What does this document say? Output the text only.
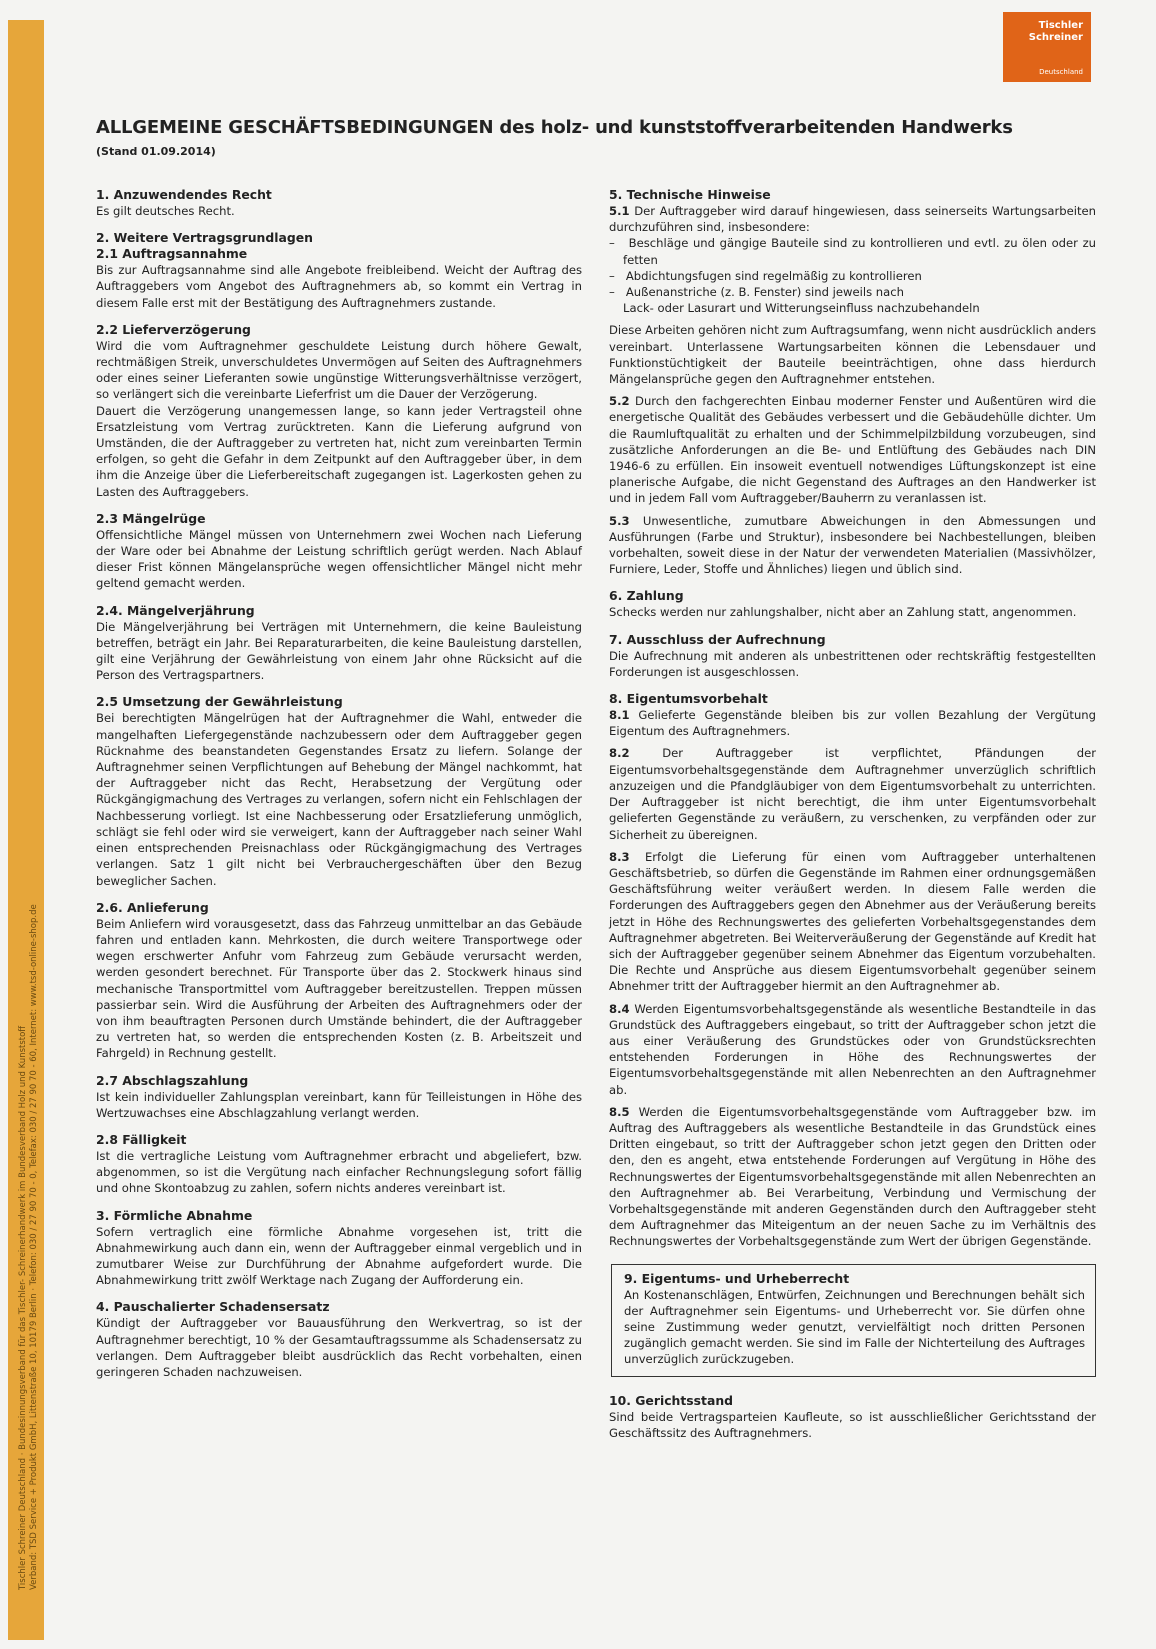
Tischler Schreiner Deutschland · Bundesinnungsverband für das Tischler- Schreinerhandwerk im Bundesverband Holz und Kunststoff Verband: TSD Service + Produkt GmbH, Littenstraße 10, 10179 Berlin · Telefon: 030 / 27 90 70 - 0, Telefax: 030 / 27 90 70 - 60, Internet: www.tsd-online-shop.de
Tischler
Schreiner
Deutschland
ALLGEMEINE GESCHÄFTSBEDINGUNGEN des holz- und kunststoffverarbeitenden Handwerks
(Stand 01.09.2014)
1. Anzuwendendes Recht

Es gilt deutsches Recht.

2. Weitere Vertragsgrundlagen
2.1 Auftragsannahme

Bis zur Auftragsannahme sind alle Angebote freibleibend. Weicht der Auftrag des Auftraggebers vom Angebot des Auftragnehmers ab, so kommt ein Vertrag in diesem Falle erst mit der Bestätigung des Auftragnehmers zustande.

2.2 Lieferverzögerung

Wird die vom Auftragnehmer geschuldete Leistung durch höhere Gewalt, rechtmäßigen Streik, unverschuldetes Unvermögen auf Seiten des Auftragnehmers oder eines seiner Lieferanten sowie ungünstige Witterungsverhältnisse verzögert, so verlängert sich die vereinbarte Lieferfrist um die Dauer der Verzögerung.

Dauert die Verzögerung unangemessen lange, so kann jeder Vertragsteil ohne Ersatzleistung vom Vertrag zurücktreten. Kann die Lieferung aufgrund von Umständen, die der Auftraggeber zu vertreten hat, nicht zum vereinbarten Termin erfolgen, so geht die Gefahr in dem Zeitpunkt auf den Auftraggeber über, in dem ihm die Anzeige über die Lieferbereitschaft zugegangen ist. Lagerkosten gehen zu Lasten des Auftraggebers.

2.3 Mängelrüge

Offensichtliche Mängel müssen von Unternehmern zwei Wochen nach Lieferung der Ware oder bei Abnahme der Leistung schriftlich gerügt werden. Nach Ablauf dieser Frist können Mängelansprüche wegen offensichtlicher Mängel nicht mehr geltend gemacht werden.

2.4. Mängelverjährung

Die Mängelverjährung bei Verträgen mit Unternehmern, die keine Bauleistung betreffen, beträgt ein Jahr. Bei Reparaturarbeiten, die keine Bauleistung darstellen, gilt eine Verjährung der Gewährleistung von einem Jahr ohne Rücksicht auf die Person des Vertragspartners.

2.5 Umsetzung der Gewährleistung

Bei berechtigten Mängelrügen hat der Auftragnehmer die Wahl, entweder die mangelhaften Liefergegenstände nachzubessern oder dem Auftraggeber gegen Rücknahme des beanstandeten Gegenstandes Ersatz zu liefern. Solange der Auftragnehmer seinen Verpflichtungen auf Behebung der Mängel nachkommt, hat der Auftraggeber nicht das Recht, Herabsetzung der Vergütung oder Rückgängigmachung des Vertrages zu verlangen, sofern nicht ein Fehlschlagen der Nachbesserung vorliegt. Ist eine Nachbesserung oder Ersatzlieferung unmöglich, schlägt sie fehl oder wird sie verweigert, kann der Auftraggeber nach seiner Wahl einen entsprechenden Preisnachlass oder Rückgängigmachung des Vertrages verlangen. Satz 1 gilt nicht bei Verbrauchergeschäften über den Bezug beweglicher Sachen.

2.6. Anlieferung

Beim Anliefern wird vorausgesetzt, dass das Fahrzeug unmittelbar an das Gebäude fahren und entladen kann. Mehrkosten, die durch weitere Transportwege oder wegen erschwerter Anfuhr vom Fahrzeug zum Gebäude verursacht werden, werden gesondert berechnet. Für Transporte über das 2. Stockwerk hinaus sind mechanische Transportmittel vom Auftraggeber bereitzustellen. Treppen müssen passierbar sein. Wird die Ausführung der Arbeiten des Auftragnehmers oder der von ihm beauftragten Personen durch Umstände behindert, die der Auftraggeber zu vertreten hat, so werden die entsprechenden Kosten (z. B. Arbeitszeit und Fahrgeld) in Rechnung gestellt.

2.7 Abschlagszahlung

Ist kein individueller Zahlungsplan vereinbart, kann für Teilleistungen in Höhe des Wertzuwachses eine Abschlagzahlung verlangt werden.

2.8 Fälligkeit

Ist die vertragliche Leistung vom Auftragnehmer erbracht und abgeliefert, bzw. abgenommen, so ist die Vergütung nach einfacher Rechnungslegung sofort fällig und ohne Skontoabzug zu zahlen, sofern nichts anderes vereinbart ist.

3. Förmliche Abnahme

Sofern vertraglich eine förmliche Abnahme vorgesehen ist, tritt die Abnahmewirkung auch dann ein, wenn der Auftraggeber einmal vergeblich und in zumutbarer Weise zur Durchführung der Abnahme aufgefordert wurde. Die Abnahmewirkung tritt zwölf Werktage nach Zugang der Aufforderung ein.

4. Pauschalierter Schadensersatz

Kündigt der Auftraggeber vor Bauausführung den Werkvertrag, so ist der Auftragnehmer berechtigt, 10 % der Gesamtauftragssumme als Schadensersatz zu verlangen. Dem Auftraggeber bleibt ausdrücklich das Recht vorbehalten, einen geringeren Schaden nachzuweisen.

5. Technische Hinweise

5.1 Der Auftraggeber wird darauf hingewiesen, dass seinerseits Wartungsarbeiten durchzuführen sind, insbesondere:

–   Beschläge und gängige Bauteile sind zu kontrollieren und evtl. zu ölen oder zu fetten

–   Abdichtungsfugen sind regelmäßig zu kontrollieren

–   Außenanstriche (z. B. Fenster) sind jeweils nach

Lack- oder Lasurart und Witterungseinfluss nachzubehandeln

Diese Arbeiten gehören nicht zum Auftragsumfang, wenn nicht ausdrücklich anders vereinbart. Unterlassene Wartungsarbeiten können die Lebensdauer und Funktionstüchtigkeit der Bauteile beeinträchtigen, ohne dass hierdurch Mängelansprüche gegen den Auftragnehmer entstehen.

5.2 Durch den fachgerechten Einbau moderner Fenster und Außentüren wird die energetische Qualität des Gebäudes verbessert und die Gebäudehülle dichter. Um die Raumluftqualität zu erhalten und der Schimmelpilzbildung vorzubeugen, sind zusätzliche Anforderungen an die Be- und Entlüftung des Gebäudes nach DIN 1946-6 zu erfüllen. Ein insoweit eventuell notwendiges Lüftungskonzept ist eine planerische Aufgabe, die nicht Gegenstand des Auftrages an den Handwerker ist und in jedem Fall vom Auftraggeber/Bauherrn zu veranlassen ist.

5.3 Unwesentliche, zumutbare Abweichungen in den Abmessungen und Ausführungen (Farbe und Struktur), insbesondere bei Nachbestellungen, bleiben vorbehalten, soweit diese in der Natur der verwendeten Materialien (Massivhölzer, Furniere, Leder, Stoffe und Ähnliches) liegen und üblich sind.

6. Zahlung

Schecks werden nur zahlungshalber, nicht aber an Zahlung statt, angenommen.

7. Ausschluss der Aufrechnung

Die Aufrechnung mit anderen als unbestrittenen oder rechtskräftig festgestellten Forderungen ist ausgeschlossen.

8. Eigentumsvorbehalt

8.1 Gelieferte Gegenstände bleiben bis zur vollen Bezahlung der Vergütung Eigentum des Auftragnehmers.

8.2	Der Auftraggeber ist verpflichtet, Pfändungen der Eigentumsvorbehaltsgegenstände dem Auftragnehmer unverzüglich schriftlich anzuzeigen und die Pfandgläubiger von dem Eigentumsvorbehalt zu unterrichten. Der Auftraggeber ist nicht berechtigt, die ihm unter Eigentumsvorbehalt gelieferten Gegenstände zu veräußern, zu verschenken, zu verpfänden oder zur Sicherheit zu übereignen.

8.3 Erfolgt die Lieferung für einen vom Auftraggeber unterhaltenen Geschäftsbetrieb, so dürfen die Gegenstände im Rahmen einer ordnungsgemäßen Geschäftsführung weiter veräußert werden. In diesem Falle werden die Forderungen des Auftraggebers gegen den Abnehmer aus der Veräußerung bereits jetzt in Höhe des Rechnungswertes des gelieferten Vorbehaltsgegenstandes dem Auftragnehmer abgetreten. Bei Weiterveräußerung der Gegenstände auf Kredit hat sich der Auftraggeber gegenüber seinem Abnehmer das Eigentum vorzubehalten. Die Rechte und Ansprüche aus diesem Eigentumsvorbehalt gegenüber seinem Abnehmer tritt der Auftraggeber hiermit an den Auftragnehmer ab.

8.4 Werden Eigentumsvorbehaltsgegenstände als wesentliche Bestandteile in das Grundstück des Auftraggebers eingebaut, so tritt der Auftraggeber schon jetzt die aus einer Veräußerung des Grundstückes oder von Grundstücksrechten entstehenden Forderungen in Höhe des Rechnungswertes der Eigentumsvorbehaltsgegenstände mit allen Nebenrechten an den Auftragnehmer ab.

8.5 Werden die Eigentumsvorbehaltsgegenstände vom Auftraggeber bzw. im Auftrag des Auftraggebers als wesentliche Bestandteile in das Grundstück eines Dritten eingebaut, so tritt der Auftraggeber schon jetzt gegen den Dritten oder den, den es angeht, etwa entstehende Forderungen auf Vergütung in Höhe des Rechnungswertes der Eigentumsvorbehaltsgegenstände mit allen Nebenrechten an den Auftragnehmer ab. Bei Verarbeitung, Verbindung und Vermischung der Vorbehaltsgegenstände mit anderen Gegenständen durch den Auftraggeber steht dem Auftragnehmer das Miteigentum an der neuen Sache zu im Verhältnis des Rechnungswertes der Vorbehaltsgegenstände zum Wert der übrigen Gegenstände.

9. Eigentums- und Urheberrecht

An Kostenanschlägen, Entwürfen, Zeichnungen und Berechnungen behält sich der Auftragnehmer sein Eigentums- und Urheberrecht vor. Sie dürfen ohne seine Zustimmung weder genutzt, vervielfältigt noch dritten Personen zugänglich gemacht werden. Sie sind im Falle der Nichterteilung des Auftrages unverzüglich zurückzugeben.

10. Gerichtsstand

Sind beide Vertragsparteien Kaufleute, so ist ausschließlicher Gerichtsstand der Geschäftssitz des Auftragnehmers.
